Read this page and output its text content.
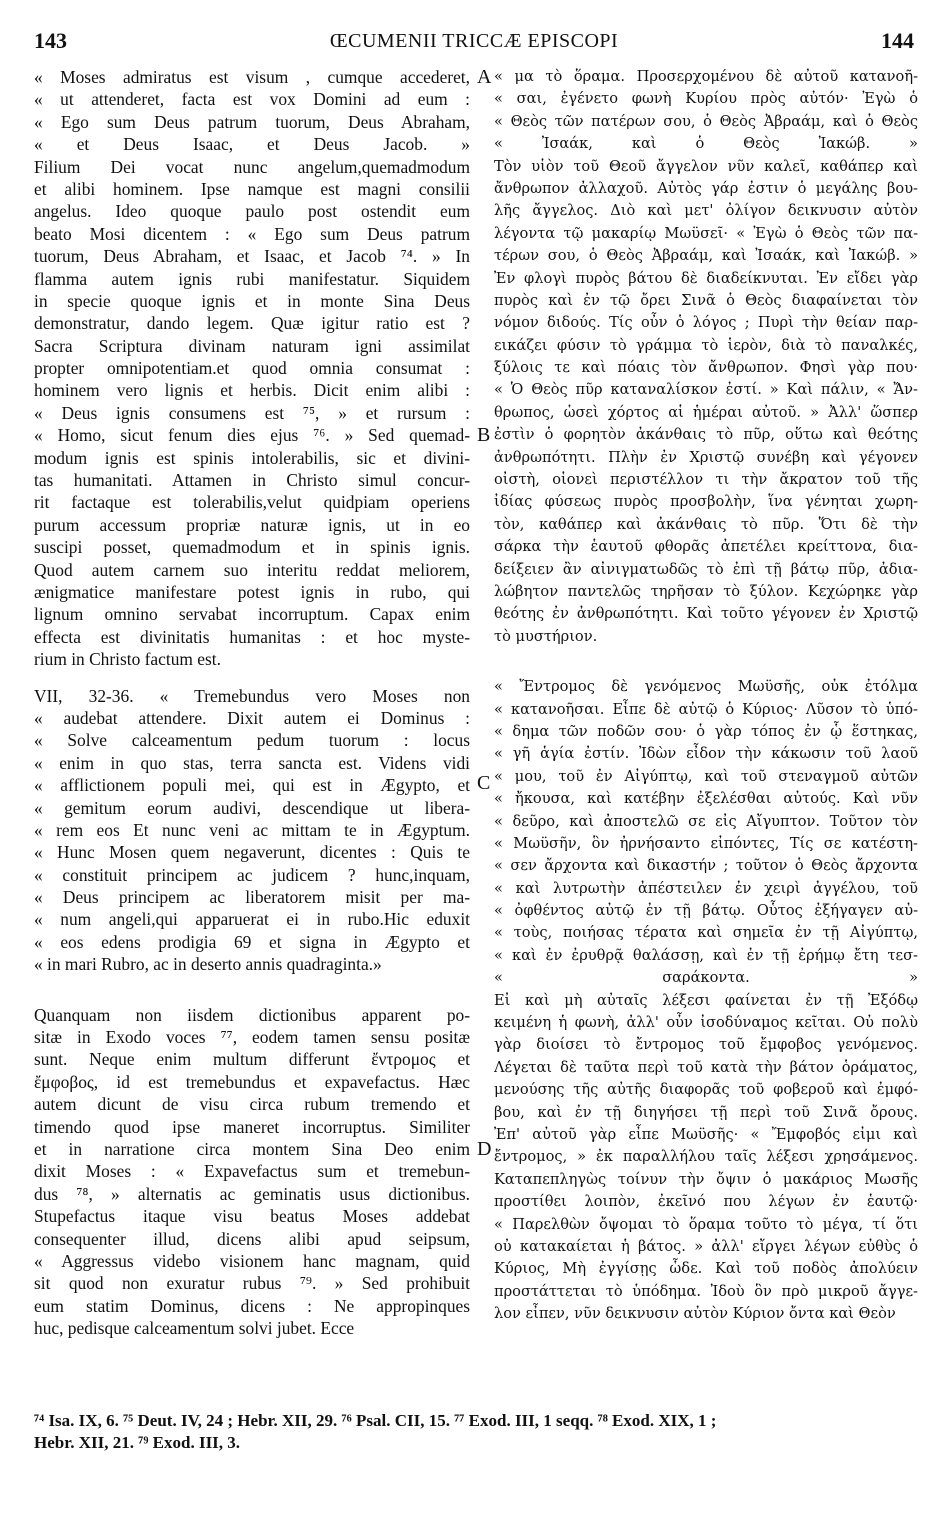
143	ŒCUMENII TRICCÆ EPISCOPI	144
« Moses admiratus est visum , cumque accederet,
« ut attenderet, facta est vox Domini ad eum :
« Ego sum Deus patrum tuorum, Deus Abraham,
« et Deus Isaac, et Deus Jacob. »
Filium Dei vocat nunc angelum,quemadmodum
et alibi hominem. Ipse namque est magni consilii
angelus. Ideo quoque paulo post ostendit eum
beato Mosi dicentem : « Ego sum Deus patrum
tuorum, Deus Abraham, et Isaac, et Jacob ⁷⁴. » In
flamma autem ignis rubi manifestatur. Siquidem
in specie quoque ignis et in monte Sina Deus
demonstratur, dando legem. Quæ igitur ratio est ?
Sacra Scriptura divinam naturam igni assimilat
propter omnipotentiam.et quod omnia consumat :
hominem vero lignis et herbis. Dicit enim alibi :
« Deus ignis consumens est ⁷⁵, » et rursum :
« Homo, sicut fenum dies ejus ⁷⁶. » Sed quemad-
modum ignis est spinis intolerabilis, sic et divini-
tas humanitati. Attamen in Christo simul concur-
rit factaque est tolerabilis,velut quidpiam operiens
purum accessum propriæ naturæ ignis, ut in eo
suscipi posset, quemadmodum et in spinis ignis.
Quod autem carnem suo interitu reddat meliorem,
ænigmatice manifestare potest ignis in rubo, qui
lignum omnino servabat incorruptum. Capax enim
effecta est divinitatis humanitas : et hoc myste-
rium in Christo factum est.
VII, 32-36. « Tremebundus vero Moses non
« audebat attendere. Dixit autem ei Dominus :
« Solve calceamentum pedum tuorum : locus
« enim in quo stas, terra sancta est. Videns vidi
« afflictionem populi mei, qui est in Ægypto, et
« gemitum eorum audivi, descendique ut libera-
« rem eos Et nunc veni ac mittam te in Ægyptum.
« Hunc Mosen quem negaverunt, dicentes : Quis te
« constituit principem ac judicem ? hunc,inquam,
« Deus principem ac liberatorem misit per ma-
« num angeli,qui apparuerat ei in rubo.Hic eduxit
« eos edens prodigia 69 et signa in Ægypto et
« in mari Rubro, ac in deserto annis quadraginta.»
Quanquam non iisdem dictionibus apparent po-
sitæ in Exodo voces ⁷⁷, eodem tamen sensu positæ
sunt. Neque enim multum differunt ἔντρομος et
ἔμφοβος, id est tremebundus et expavefactus. Hæc
autem dicunt de visu circa rubum tremendo et
timendo quod ipse maneret incorruptus. Similiter
et in narratione circa montem Sina Deo enim
dixit Moses : « Expavefactus sum et tremebun-
dus ⁷⁸, » alternatis ac geminatis usus dictionibus.
Stupefactus itaque visu beatus Moses addebat
consequenter illud, dicens alibi apud seipsum,
« Aggressus videbo visionem hanc magnam, quid
sit quod non exuratur rubus ⁷⁹. » Sed prohibuit
eum statim Dominus, dicens : Ne appropinques
huc, pedisque calceamentum solvi jubet. Ecce
« μα τὸ ὅραμα. Προσερχομένου δὲ αὐτοῦ κατανοῆ-
« σαι, ἐγένετο φωνὴ Κυρίου πρὸς αὐτόν· Ἐγὼ ὁ
« Θεὸς τῶν πατέρων σου, ὁ Θεὸς Ἀβραάμ, καὶ ὁ Θεὸς
« Ἰσαάκ, καὶ ὁ Θεὸς Ἰακώβ. »
Τὸν υἱὸν τοῦ Θεοῦ ἄγγελον νῦν καλεῖ, καθάπερ καὶ
ἄνθρωπον ἀλλαχοῦ. Αὐτὸς γάρ ἐστιν ὁ μεγάλης βου-
λῆς ἄγγελος. Διὸ καὶ μετ' ὀλίγον δεικνυσιν αὐτὸν
λέγοντα τῷ μακαρίῳ Μωϋσεῖ· « Ἐγὼ ὁ Θεὸς τῶν πα-
τέρων σου, ὁ Θεὸς Ἀβραάμ, καὶ Ἰσαάκ, καὶ Ἰακώβ. »
Ἐν φλογὶ πυρὸς βάτου δὲ διαδείκνυται. Ἐν εἴδει γὰρ
πυρὸς καὶ ἐν τῷ ὄρει Σινᾶ ὁ Θεὸς διαφαίνεται τὸν
νόμον διδούς. Τίς οὖν ὁ λόγος ; Πυρὶ τὴν θείαν παρ-
εικάζει φύσιν τὸ γράμμα τὸ ἱερὸν, διὰ τὸ παναλκές,
ξύλοις τε καὶ πόαις τὸν ἄνθρωπον. Φησὶ γὰρ που·
« Ὁ Θεὸς πῦρ καταναλίσκον ἐστί. » Καὶ πάλιν, « Ἄν-
θρωπος, ὡσεὶ χόρτος αἱ ἡμέραι αὐτοῦ. » Ἀλλ' ὥσπερ
ἐστὶν ὁ φορητὸν ἀκάνθαις τὸ πῦρ, οὕτω καὶ θεότης
ἀνθρωπότητι. Πλὴν ἐν Χριστῷ συνέβη καὶ γέγονεν
οἰστὴ, οἱονεὶ περιστέλλον τι τὴν ἄκρατον τοῦ τῆς
ἰδίας φύσεως πυρὸς προσβολὴν, ἵνα γένηται χωρη-
τὸν, καθάπερ καὶ ἀκάνθαις τὸ πῦρ. Ὅτι δὲ τὴν
σάρκα τὴν ἑαυτοῦ φθορᾶς ἀπετέλει κρείττονα, δια-
δείξειεν ἂν αἰνιγματωδῶς τὸ ἐπὶ τῇ βάτῳ πῦρ, ἀδια-
λώβητον παντελῶς τηρῆσαν τὸ ξύλον. Κεχώρηκε γὰρ
θεότης ἐν ἀνθρωπότητι. Καὶ τοῦτο γέγονεν ἐν Χριστῷ
τὸ μυστήριον.
« Ἔντρομος δὲ γενόμενος Μωϋσῆς, οὐκ ἐτόλμα
« κατανοῆσαι. Εἶπε δὲ αὐτῷ ὁ Κύριος· Λῦσον τὸ ὑπό-
« δημα τῶν ποδῶν σου· ὁ γὰρ τόπος ἐν ᾧ ἕστηκας,
« γῆ ἁγία ἐστίν. Ἰδὼν εἶδον τὴν κάκωσιν τοῦ λαοῦ
« μου, τοῦ ἐν Αἰγύπτῳ, καὶ τοῦ στεναγμοῦ αὐτῶν
« ἤκουσα, καὶ κατέβην ἐξελέσθαι αὐτούς. Καὶ νῦν
« δεῦρο, καὶ ἀποστελῶ σε εἰς Αἴγυπτον. Τοῦτον τὸν
« Μωϋσῆν, ὃν ἠρνήσαντο εἰπόντες, Τίς σε κατέστη-
« σεν ἄρχοντα καὶ δικαστήν ; τοῦτον ὁ Θεὸς ἄρχοντα
« καὶ λυτρωτὴν ἀπέστειλεν ἐν χειρὶ ἀγγέλου, τοῦ
« ὀφθέντος αὐτῷ ἐν τῇ βάτῳ. Οὗτος ἐξήγαγεν αὐ-
« τοὺς, ποιήσας τέρατα καὶ σημεῖα ἐν τῇ Αἰγύπτῳ,
« καὶ ἐν ἐρυθρᾷ θαλάσσῃ, καὶ ἐν τῇ ἐρήμῳ ἔτη τεσ-
« σαράκοντα. »
Εἰ καὶ μὴ αὐταῖς λέξεσι φαίνεται ἐν τῇ Ἐξόδῳ
κειμένη ἡ φωνὴ, ἀλλ' οὖν ἰσοδύναμος κεῖται. Οὐ πολὺ
γὰρ διοίσει τὸ ἔντρομος τοῦ ἔμφοβος γενόμενος.
Λέγεται δὲ ταῦτα περὶ τοῦ κατὰ τὴν βάτον ὁράματος,
μενούσης τῆς αὐτῆς διαφορᾶς τοῦ φοβεροῦ καὶ ἐμφό-
βου, καὶ ἐν τῇ διηγήσει τῇ περὶ τοῦ Σινᾶ ὄρους.
Ἐπ' αὐτοῦ γὰρ εἶπε Μωϋσῆς· « Ἔμφοβός εἰμι καὶ
ἔντρομος, » ἐκ παραλλήλου ταῖς λέξεσι χρησάμενος.
Καταπεπληγὼς τοίνυν τὴν ὄψιν ὁ μακάριος Μωσῆς
προστίθει λοιπὸν, ἐκεῖνό που λέγων ἐν ἑαυτῷ·
« Παρελθὼν ὄψομαι τὸ ὅραμα τοῦτο τὸ μέγα, τί ὅτι
οὐ κατακαίεται ἡ βάτος. » ἀλλ' εἴργει λέγων εὐθὺς ὁ
Κύριος, Μὴ ἐγγίσῃς ὧδε. Καὶ τοῦ ποδὸς ἀπολύειν
προστάττεται τὸ ὑπόδημα. Ἰδοὺ ὃν πρὸ μικροῦ ἄγγε-
λον εἶπεν, νῦν δεικνυσιν αὐτὸν Κύριον ὄντα καὶ Θεὸν
A
B
C
D
⁷⁴ Isa. IX, 6. ⁷⁵ Deut. IV, 24 ; Hebr. XII, 29. ⁷⁶ Psal. CII, 15. ⁷⁷ Exod. III, 1 seqq. ⁷⁸ Exod. XIX, 1 ;
Hebr. XII, 21. ⁷⁹ Exod. III, 3.
